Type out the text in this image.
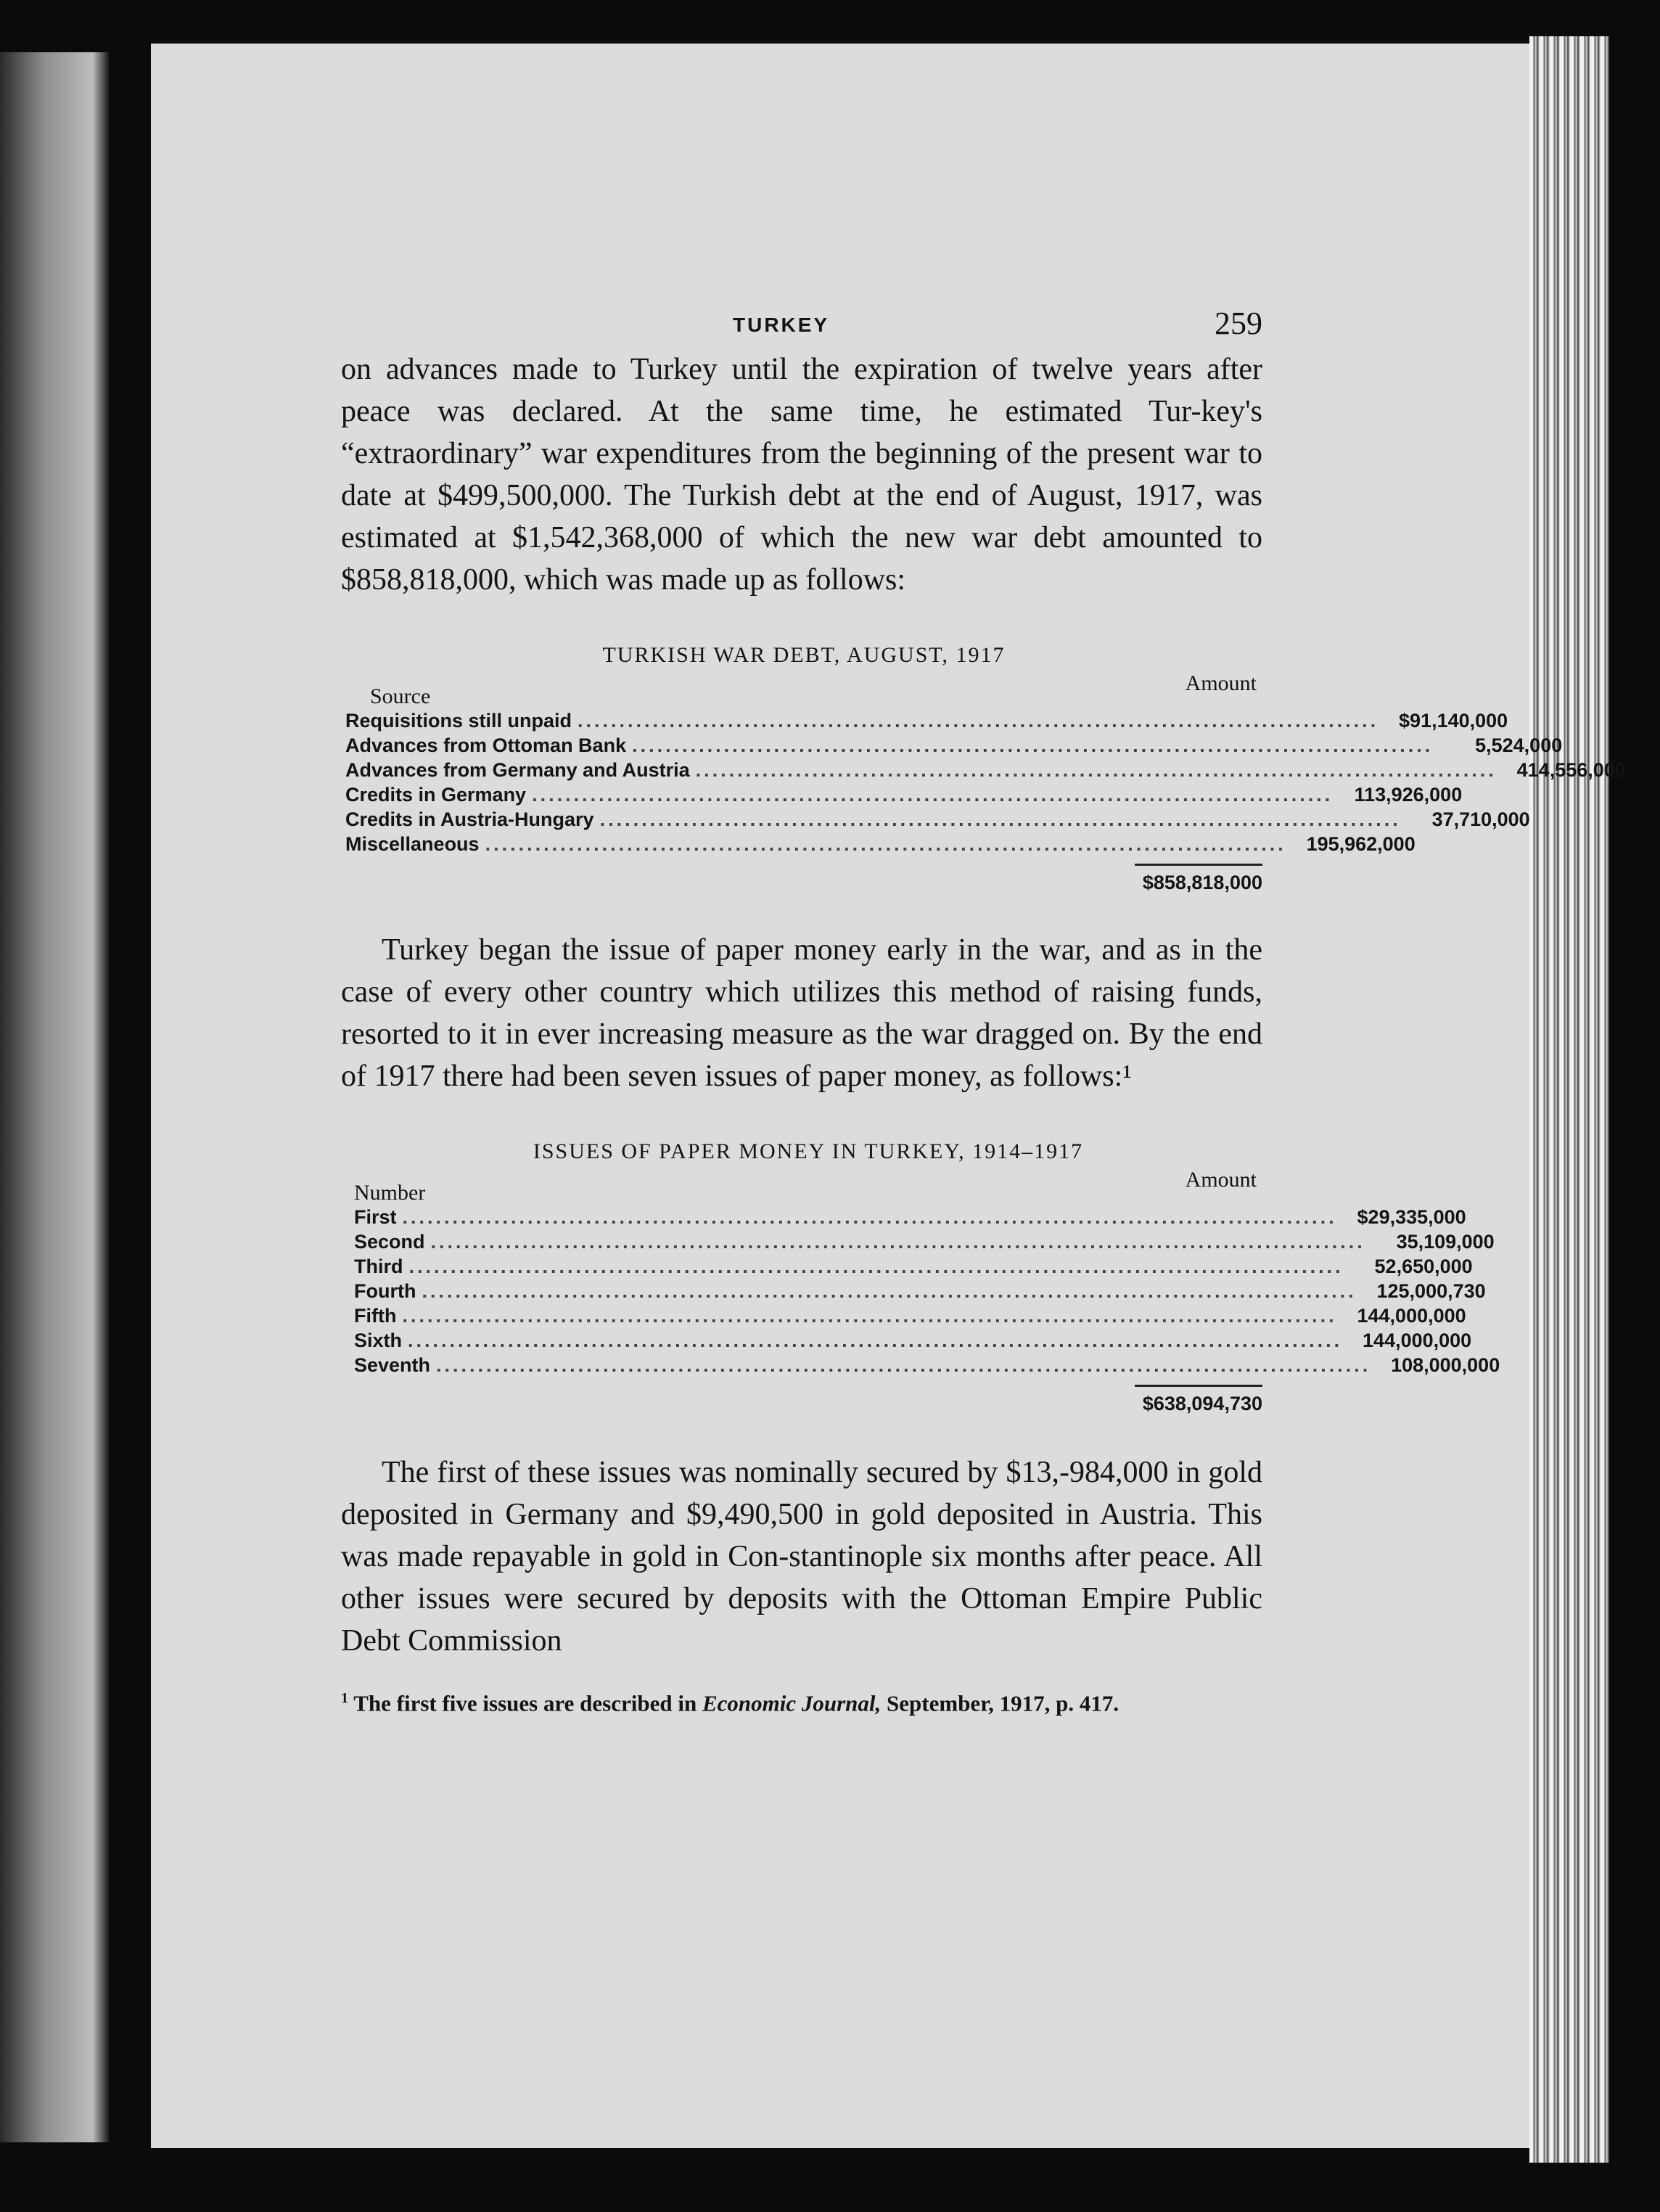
TURKEY	259

on advances made to Turkey until the expiration of twelve years after peace was declared. At the same time, he estimated Tur-key's “extraordinary” war expenditures from the beginning of the present war to date at $499,500,000. The Turkish debt at the end of August, 1917, was estimated at $1,542,368,000 of which the new war debt amounted to $858,818,000, which was made up as follows:

TURKISH WAR DEBT, AUGUST, 1917
Source
Amount
Requisitions still unpaid ................................................................................................	$91,140,000
Advances from Ottoman Bank ................................................................................................	5,524,000
Advances from Germany and Austria ................................................................................................	414,556,000
Credits in Germany ................................................................................................	113,926,000
Credits in Austria-Hungary ................................................................................................	37,710,000
Miscellaneous ................................................................................................	195,962,000
$858,818,000

Turkey began the issue of paper money early in the war, and as in the case of every other country which utilizes this method of raising funds, resorted to it in ever increasing measure as the war dragged on. By the end of 1917 there had been seven issues of paper money, as follows:¹

ISSUES OF PAPER MONEY IN TURKEY, 1914–1917
Number
Amount
First ................................................................................................................	$29,335,000
Second ................................................................................................................	35,109,000
Third ................................................................................................................	52,650,000
Fourth ................................................................................................................	125,000,730
Fifth ................................................................................................................	144,000,000
Sixth ................................................................................................................	144,000,000
Seventh ................................................................................................................	108,000,000
$638,094,730

The first of these issues was nominally secured by $13,-984,000 in gold deposited in Germany and $9,490,500 in gold deposited in Austria. This was made repayable in gold in Con-stantinople six months after peace. All other issues were secured by deposits with the Ottoman Empire Public Debt Commission

$^1$ The first five issues are described in Economic Journal, September, 1917, p. 417.
